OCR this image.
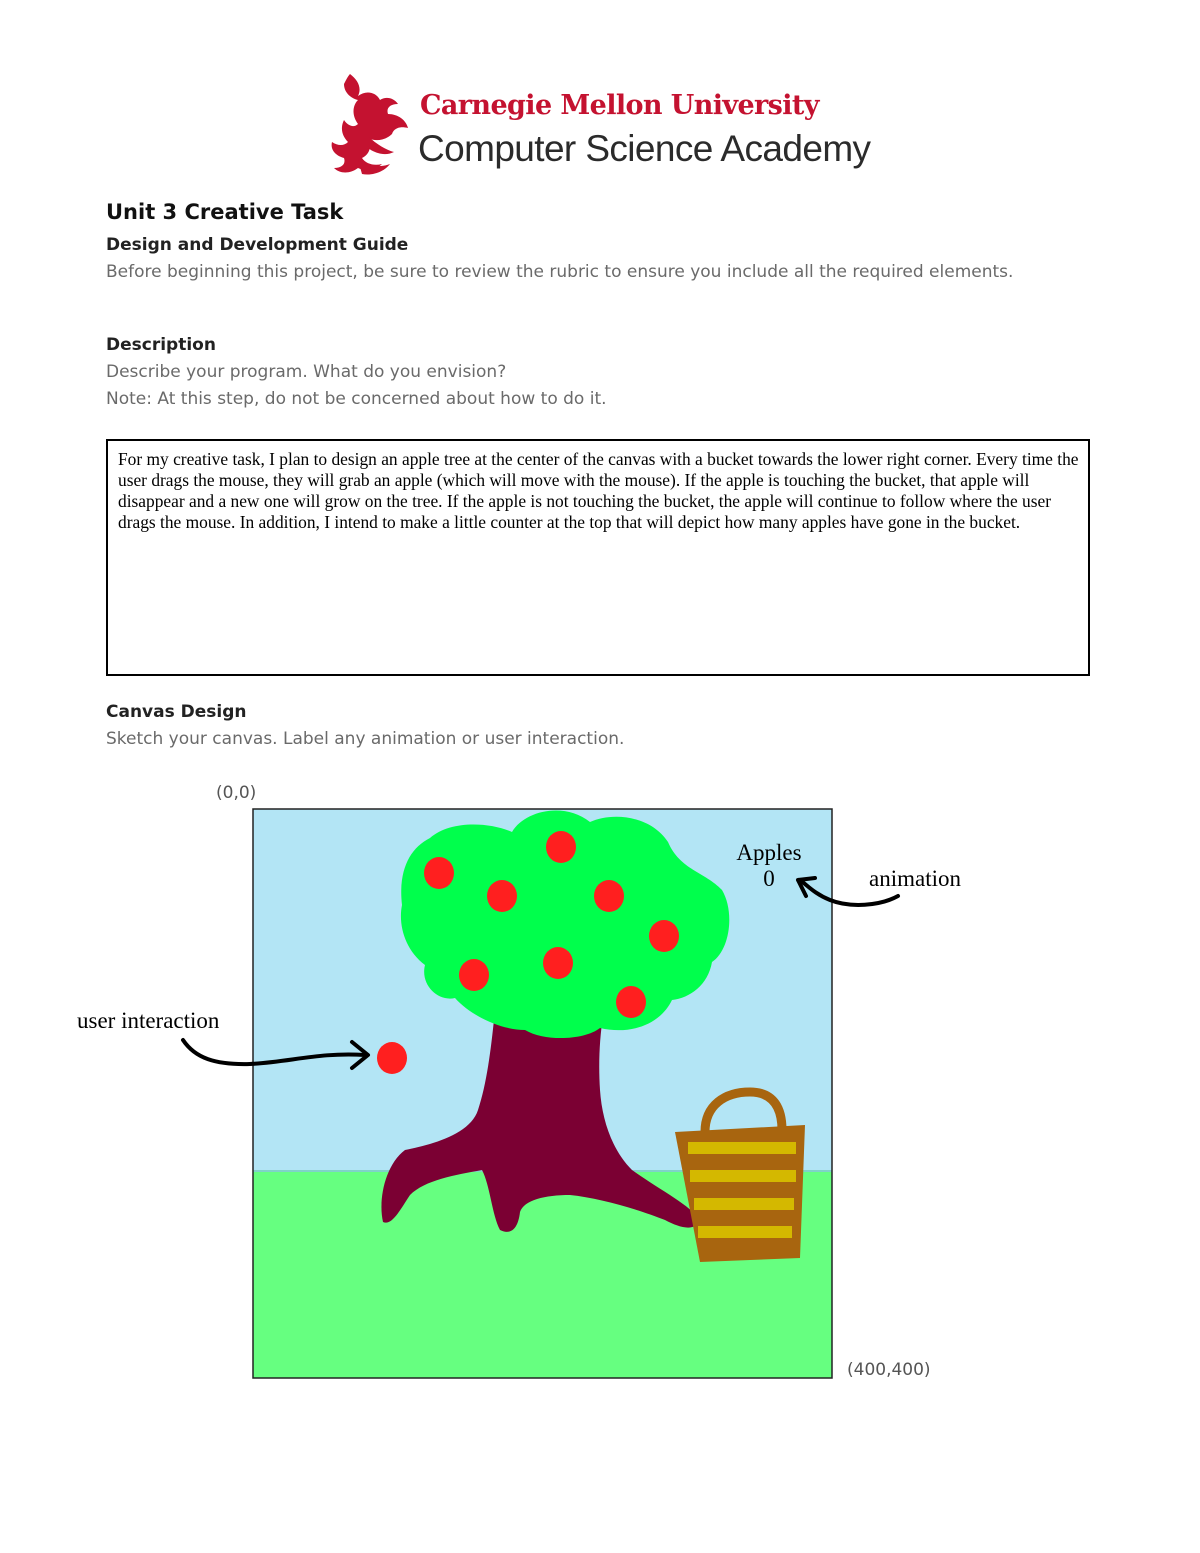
Carnegie Mellon University
Computer Science Academy
Unit 3 Creative Task
Design and Development Guide
Before beginning this project, be sure to review the rubric to ensure you include all the required elements.
Description
Describe your program. What do you envision?
Note: At this step, do not be concerned about how to do it.
For my creative task, I plan to design an apple tree at the center of the canvas with a bucket towards the lower right corner. Every time the user drags the mouse, they will grab an apple (which will move with the mouse). If the apple is touching the bucket, that apple will disappear and a new one will grow on the tree. If the apple is not touching the bucket, the apple will continue to follow where the user drags the mouse. In addition, I intend to make a little counter at the top that will depict how many apples have gone in the bucket.
Canvas Design
Sketch your canvas. Label any animation or user interaction.
(0,0)
(400,400)
Apples
0	animation
user interaction
